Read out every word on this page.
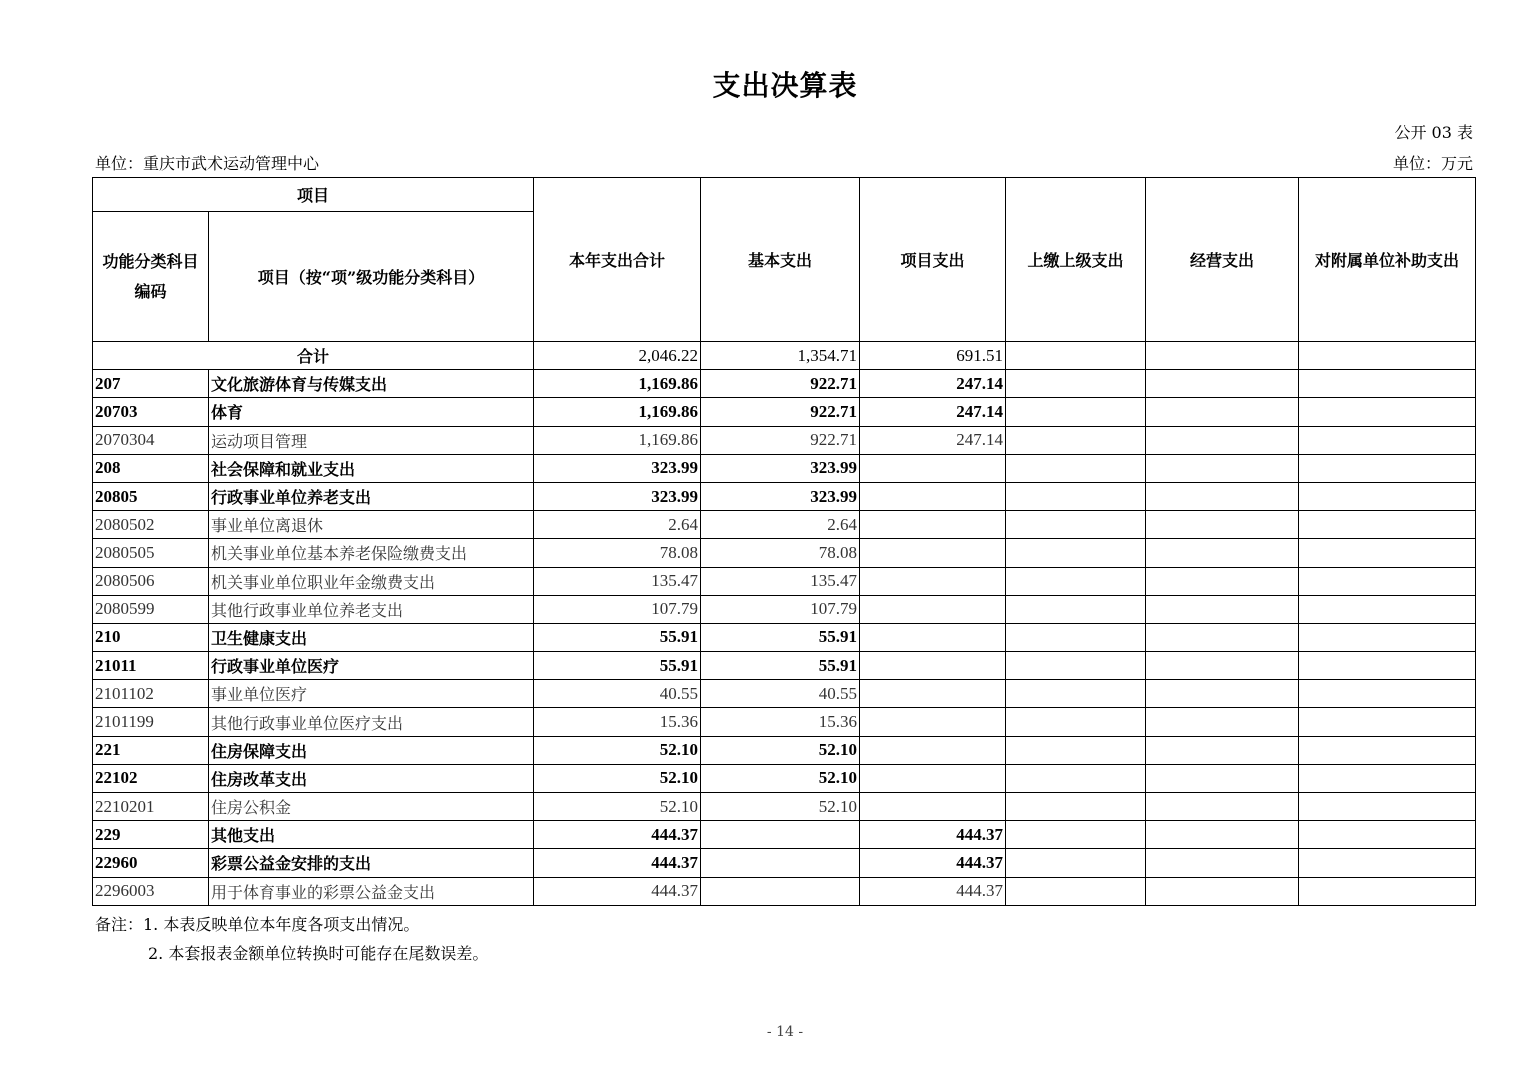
支出决算表
公开 03 表
单位：重庆市武术运动管理中心	单位：万元
项目		本年支出合计	基本支出	项目支出	上缴上级支出	经营支出	对附属单位补助支出
功能分类科目编码	项目（按“项”级功能分类科目）						
合计		2,046.22	1,354.71	691.51			
207	文化旅游体育与传媒支出	1,169.86	922.71	247.14			
20703	体育	1,169.86	922.71	247.14			
2070304	运动项目管理	1,169.86	922.71	247.14			
208	社会保障和就业支出	323.99	323.99				
20805	行政事业单位养老支出	323.99	323.99				
2080502	事业单位离退休	2.64	2.64				
2080505	机关事业单位基本养老保险缴费支出	78.08	78.08				
2080506	机关事业单位职业年金缴费支出	135.47	135.47				
2080599	其他行政事业单位养老支出	107.79	107.79				
210	卫生健康支出	55.91	55.91				
21011	行政事业单位医疗	55.91	55.91				
2101102	事业单位医疗	40.55	40.55				
2101199	其他行政事业单位医疗支出	15.36	15.36				
221	住房保障支出	52.10	52.10				
22102	住房改革支出	52.10	52.10				
2210201	住房公积金	52.10	52.10				
229	其他支出	444.37		444.37			
22960	彩票公益金安排的支出	444.37		444.37			
2296003	用于体育事业的彩票公益金支出	444.37		444.37			
备注：1. 本表反映单位本年度各项支出情况。
2. 本套报表金额单位转换时可能存在尾数误差。
- 14 -
